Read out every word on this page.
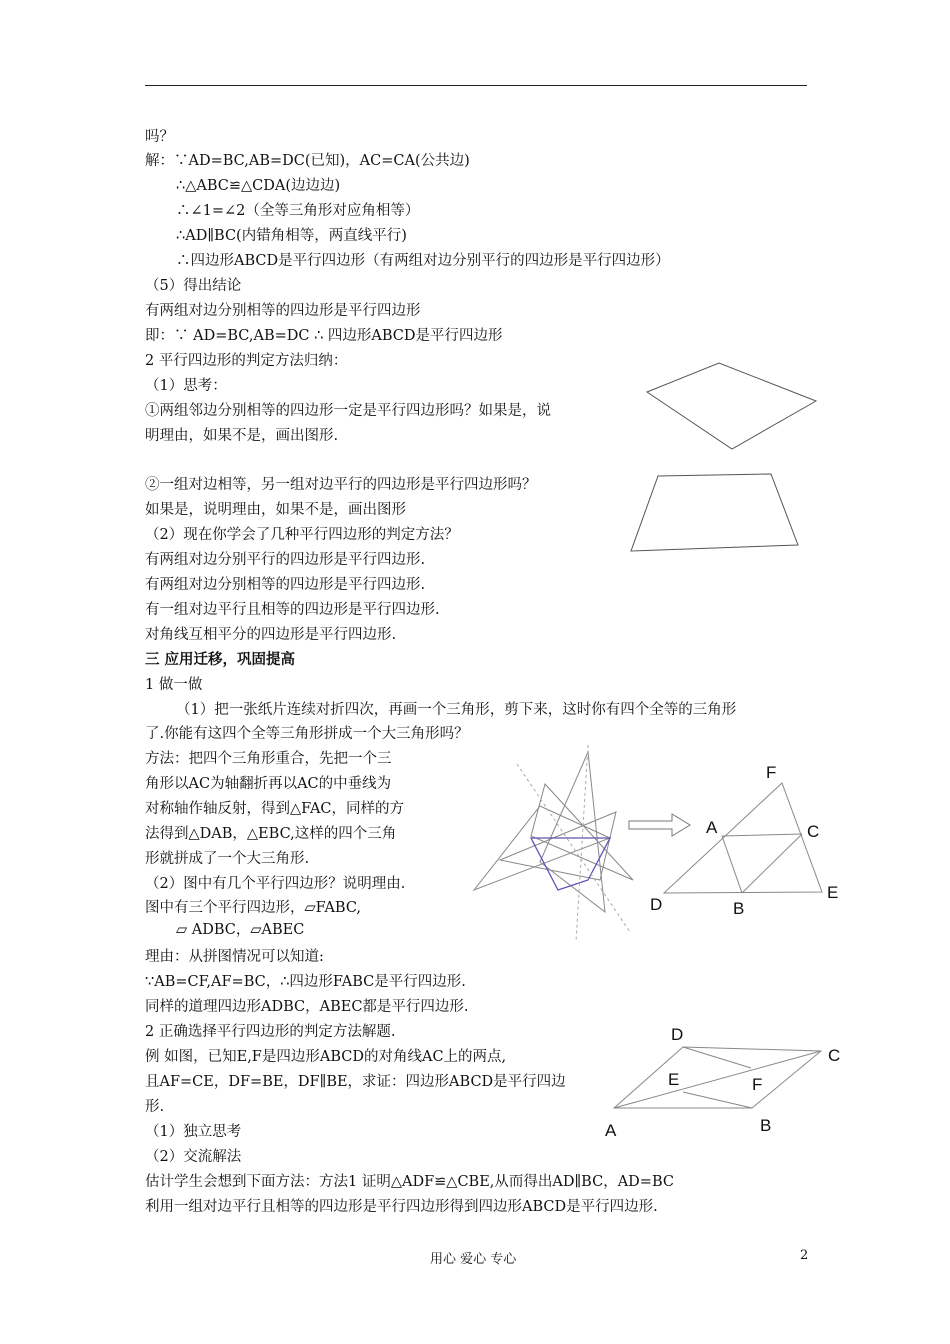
吗？
解：∵AD=BC,AB=DC(已知)，AC=CA(公共边)
∴△ABC≌△CDA(边边边)
∴∠1=∠2（全等三角形对应角相等）
∴AD∥BC(内错角相等，两直线平行)
∴四边形ABCD是平行四边形（有两组对边分别平行的四边形是平行四边形）
（5）得出结论
有两组对边分别相等的四边形是平行四边形
即：∵ AD=BC,AB=DC ∴ 四边形ABCD是平行四边形
2 平行四边形的判定方法归纳：
（1）思考：
①两组邻边分别相等的四边形一定是平行四边形吗？如果是，说
明理由，如果不是，画出图形.
②一组对边相等，另一组对边平行的四边形是平行四边形吗？
如果是，说明理由，如果不是，画出图形
（2）现在你学会了几种平行四边形的判定方法？
有两组对边分别平行的四边形是平行四边形.
有两组对边分别相等的四边形是平行四边形.
有一组对边平行且相等的四边形是平行四边形.
对角线互相平分的四边形是平行四边形.
三 应用迁移，巩固提高
1 做一做
（1）把一张纸片连续对折四次，再画一个三角形，剪下来，这时你有四个全等的三角形
了.你能有这四个全等三角形拼成一个大三角形吗？
方法：把四个三角形重合，先把一个三
角形以AC为轴翻折再以AC的中垂线为
对称轴作轴反射，得到△FAC，同样的方
法得到△DAB，△EBC,这样的四个三角
形就拼成了一个大三角形.
（2）图中有几个平行四边形？说明理由.
图中有三个平行四边形，▱FABC,
▱ ADBC，▱ABEC
理由：从拼图情况可以知道:
∵AB=CF,AF=BC，∴四边形FABC是平行四边形.
同样的道理四边形ADBC，ABEC都是平行四边形.
2 正确选择平行四边形的判定方法解题.
例 如图，已知E,F是四边形ABCD的对角线AC上的两点,
且AF=CE，DF=BE，DF∥BE，求证：四边形ABCD是平行四边
形.
（1）独立思考
（2）交流解法
估计学生会想到下面方法：方法1 证明△ADF≌△CBE,从而得出AD∥BC，AD=BC
利用一组对边平行且相等的四边形是平行四边形得到四边形ABCD是平行四边形.
F
A	C
D	B
E
D
C
E	F
A	B
用心 爱心 专心	2
